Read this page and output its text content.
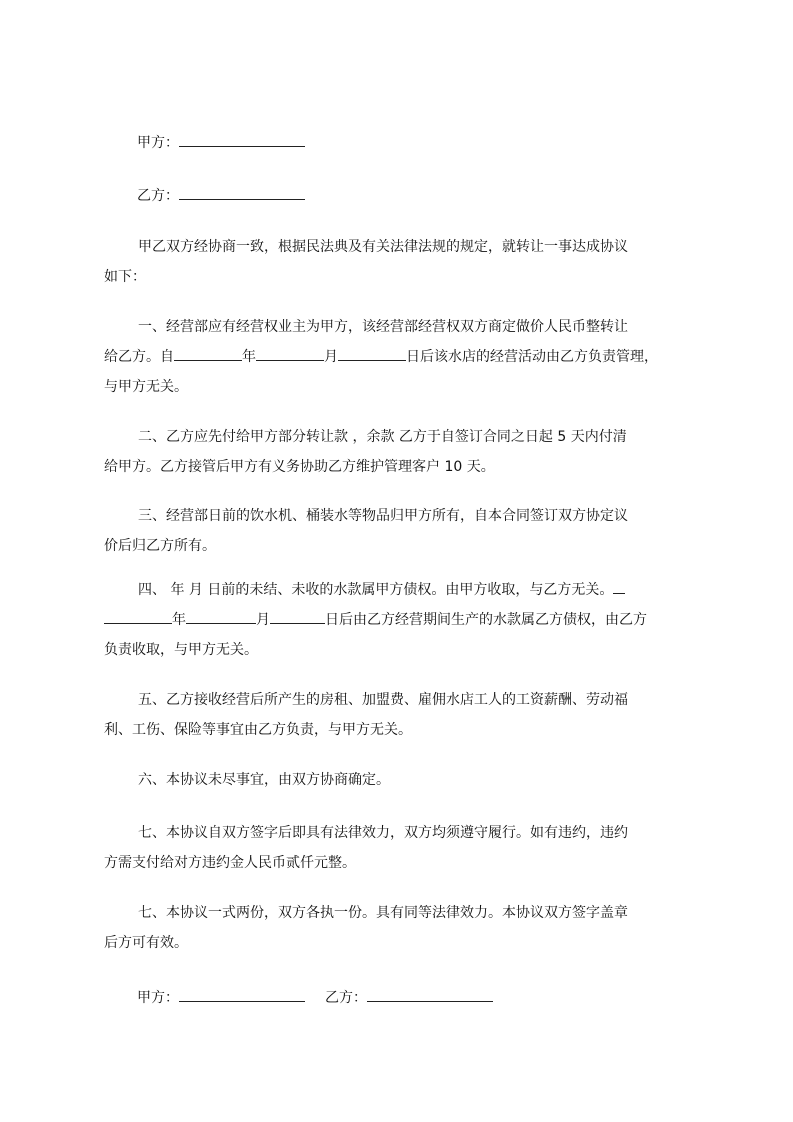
甲方：
乙方：
甲乙双方经协商一致，根据民法典及有关法律法规的规定，就转让一事达成协议
如下：
一、经营部应有经营权业主为甲方，该经营部经营权双方商定做价人民币整转让
给乙方。自	年	月	日后该水店的经营活动由乙方负责管理，
与甲方无关。
二、乙方应先付给甲方部分转让款 ，余款 乙方于自签订合同之日起 5 天内付清
给甲方。乙方接管后甲方有义务协助乙方维护管理客户 10 天。
三、经营部日前的饮水机、桶装水等物品归甲方所有，自本合同签订双方协定议
价后归乙方所有。
四、 年 月 日前的未结、未收的水款属甲方债权。由甲方收取，与乙方无关。
年	月	日后由乙方经营期间生产的水款属乙方债权，由乙方
负责收取，与甲方无关。
五、乙方接收经营后所产生的房租、加盟费、雇佣水店工人的工资薪酬、劳动福
利、工伤、保险等事宜由乙方负责，与甲方无关。
六、本协议未尽事宜，由双方协商确定。
七、本协议自双方签字后即具有法律效力，双方均须遵守履行。如有违约，违约
方需支付给对方违约金人民币贰仟元整。
七、本协议一式两份，双方各执一份。具有同等法律效力。本协议双方签字盖章
后方可有效。
甲方：	乙方：
